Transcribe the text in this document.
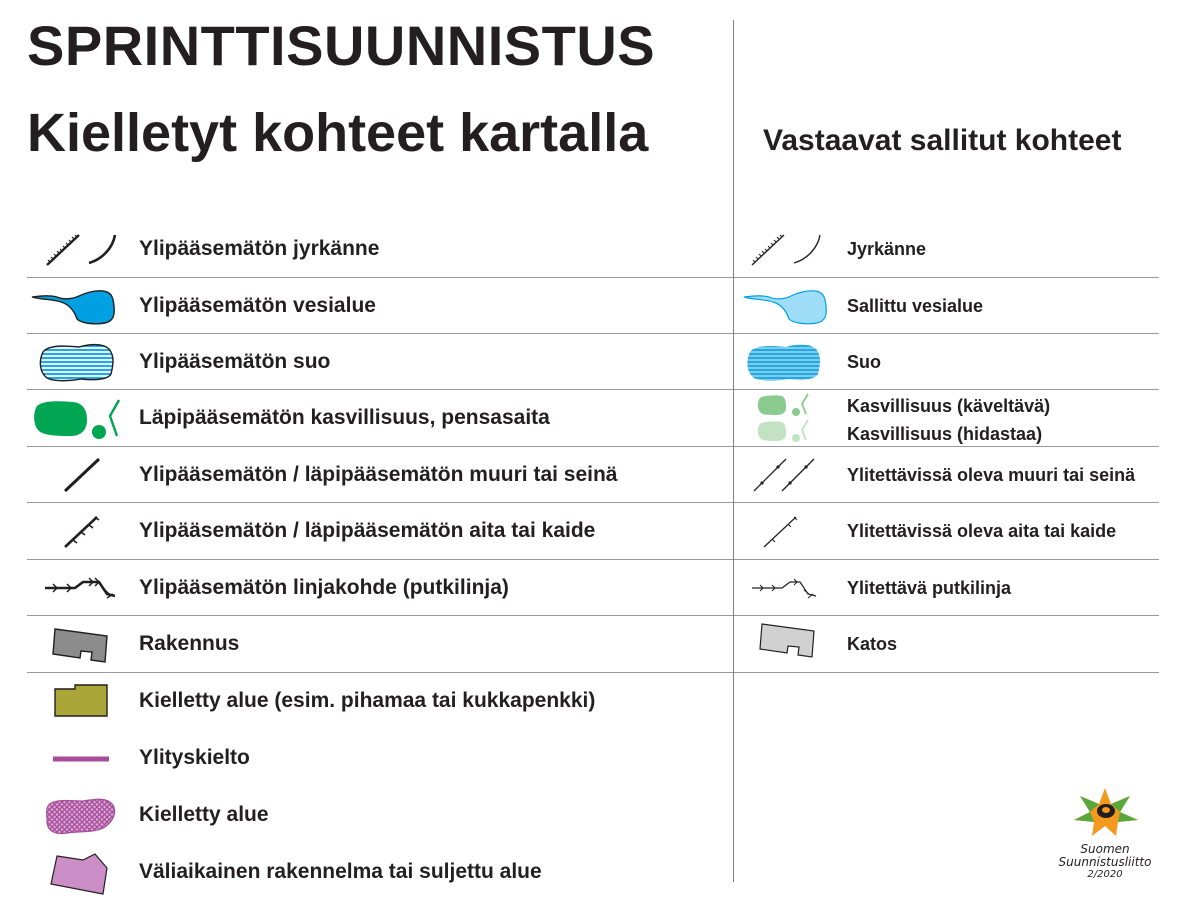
SPRINTTISUUNNISTUS
Kielletyt kohteet kartalla	Vastaavat sallitut kohteet
Ylipääsemätön jyrkänne
Ylipääsemätön vesialue
Ylipääsemätön suo
Läpipääsemätön kasvillisuus, pensasaita
Ylipääsemätön / läpipääsemätön muuri tai seinä
Ylipääsemätön / läpipääsemätön aita tai kaide
Ylipääsemätön linjakohde (putkilinja)
Rakennus
Kielletty alue (esim. pihamaa tai kukkapenkki)
Ylityskielto
Kielletty alue
Väliaikainen rakennelma tai suljettu alue
Jyrkänne
Sallittu vesialue
Suo
Kasvillisuus (käveltävä)
Kasvillisuus (hidastaa)
Ylitettävissä oleva muuri tai seinä
Ylitettävissä oleva aita tai kaide
Ylitettävä putkilinja
Katos
Suomen
Suunnistusliitto
2/2020
